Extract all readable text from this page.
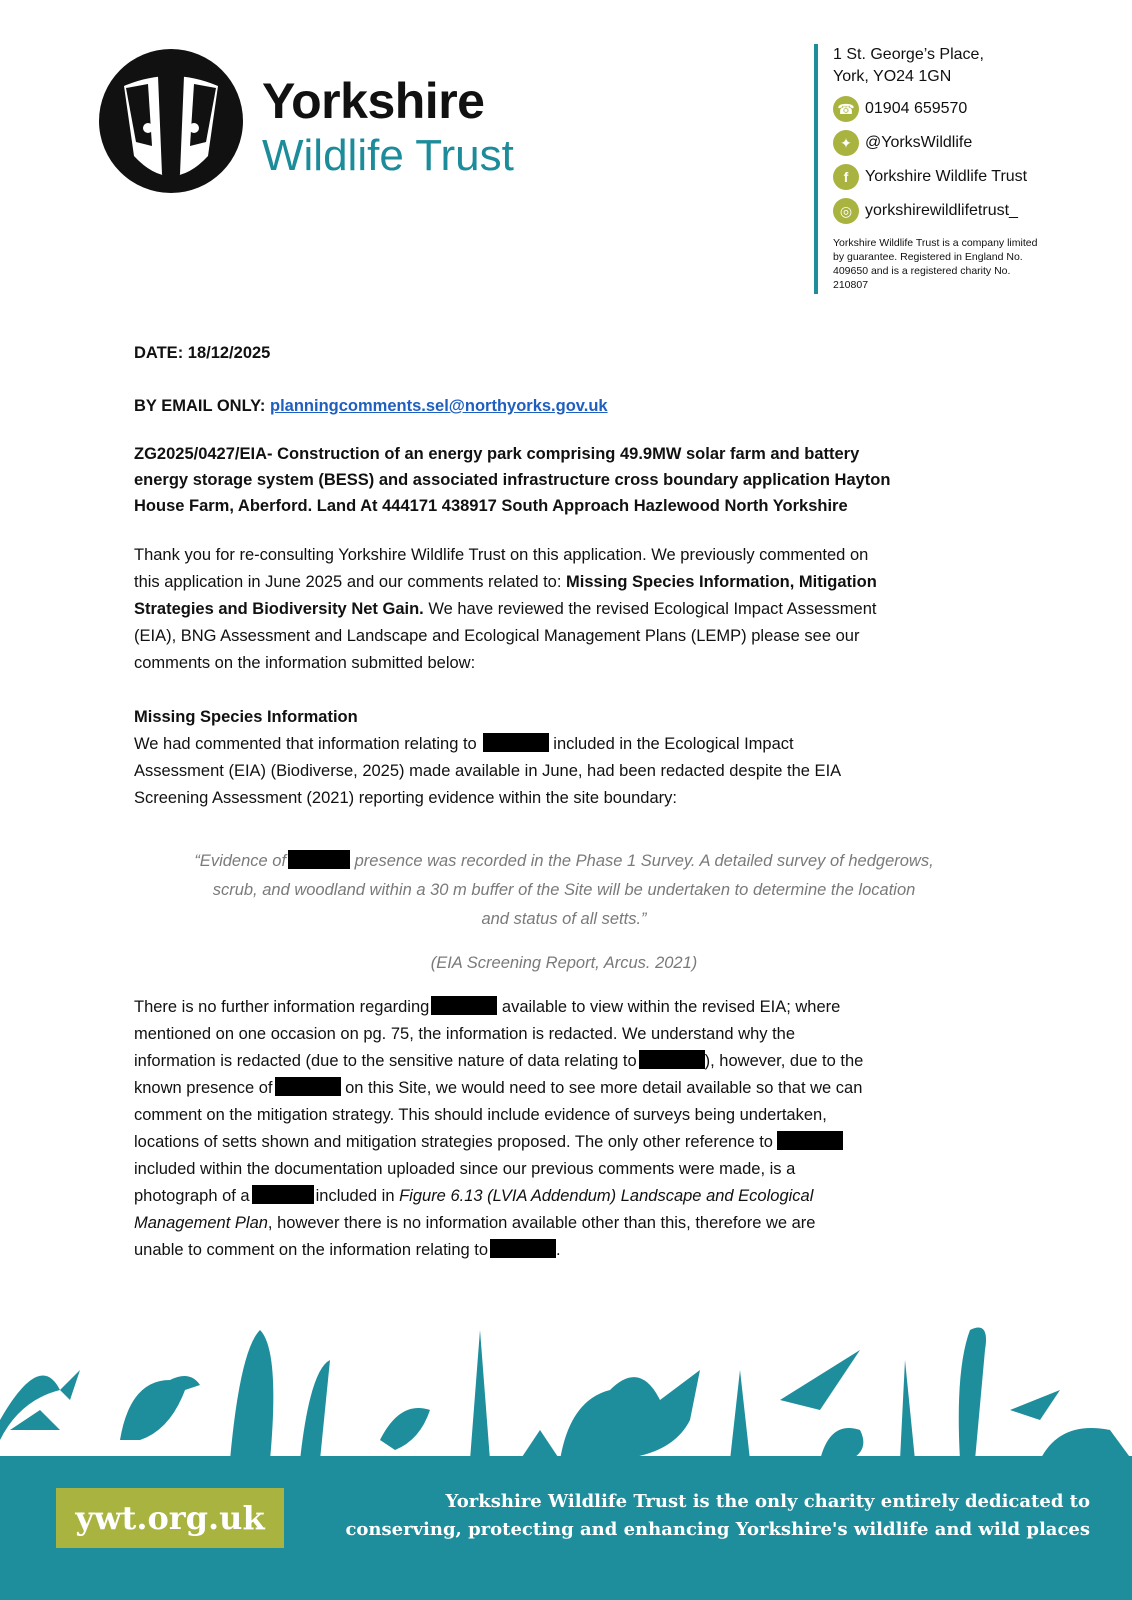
Yorkshire
Wildlife Trust
1 St. George’s Place,
York, YO24 1GN
☎ 01904 659570
✦ @YorksWildlife
f	Yorkshire Wildlife Trust
◎ yorkshirewildlifetrust_
Yorkshire Wildlife Trust is a company limited by guarantee. Registered in England No. 409650 and is a registered charity No. 210807
DATE: 18/12/2025
BY EMAIL ONLY: planningcomments.sel@northyorks.gov.uk
ZG2025/0427/EIA- Construction of an energy park comprising 49.9MW solar farm and battery
energy storage system (BESS) and associated infrastructure cross boundary application Hayton
House Farm, Aberford. Land At 444171 438917 South Approach Hazlewood North Yorkshire
Thank you for re-consulting Yorkshire Wildlife Trust on this application. We previously commented on
this application in June 2025 and our comments related to: Missing Species Information, Mitigation
Strategies and Biodiversity Net Gain. We have reviewed the revised Ecological Impact Assessment
(EIA), BNG Assessment and Landscape and Ecological Management Plans (LEMP) please see our
comments on the information submitted below:
Missing Species Information
We had commented that information relating to	included in the Ecological Impact
Assessment (EIA) (Biodiverse, 2025) made available in June, had been redacted despite the EIA
Screening Assessment (2021) reporting evidence within the site boundary:
“Evidence of	presence was recorded in the Phase 1 Survey. A detailed survey of hedgerows,
scrub, and woodland within a 30 m buffer of the Site will be undertaken to determine the location
and status of all setts.”
(EIA Screening Report, Arcus. 2021)
There is no further information regarding	available to view within the revised EIA; where
mentioned on one occasion on pg. 75, the information is redacted. We understand why the
information is redacted (due to the sensitive nature of data relating to	), however, due to the
known presence of	on this Site, we would need to see more detail available so that we can
comment on the mitigation strategy. This should include evidence of surveys being undertaken,
locations of setts shown and mitigation strategies proposed. The only other reference to
included within the documentation uploaded since our previous comments were made, is a
photograph of a	included in Figure 6.13 (LVIA Addendum) Landscape and Ecological
Management Plan, however there is no information available other than this, therefore we are
unable to comment on the information relating to	.
ywt.org.uk	Yorkshire Wildlife Trust is the only charity entirely dedicated to
conserving, protecting and enhancing Yorkshire's wildlife and wild places
